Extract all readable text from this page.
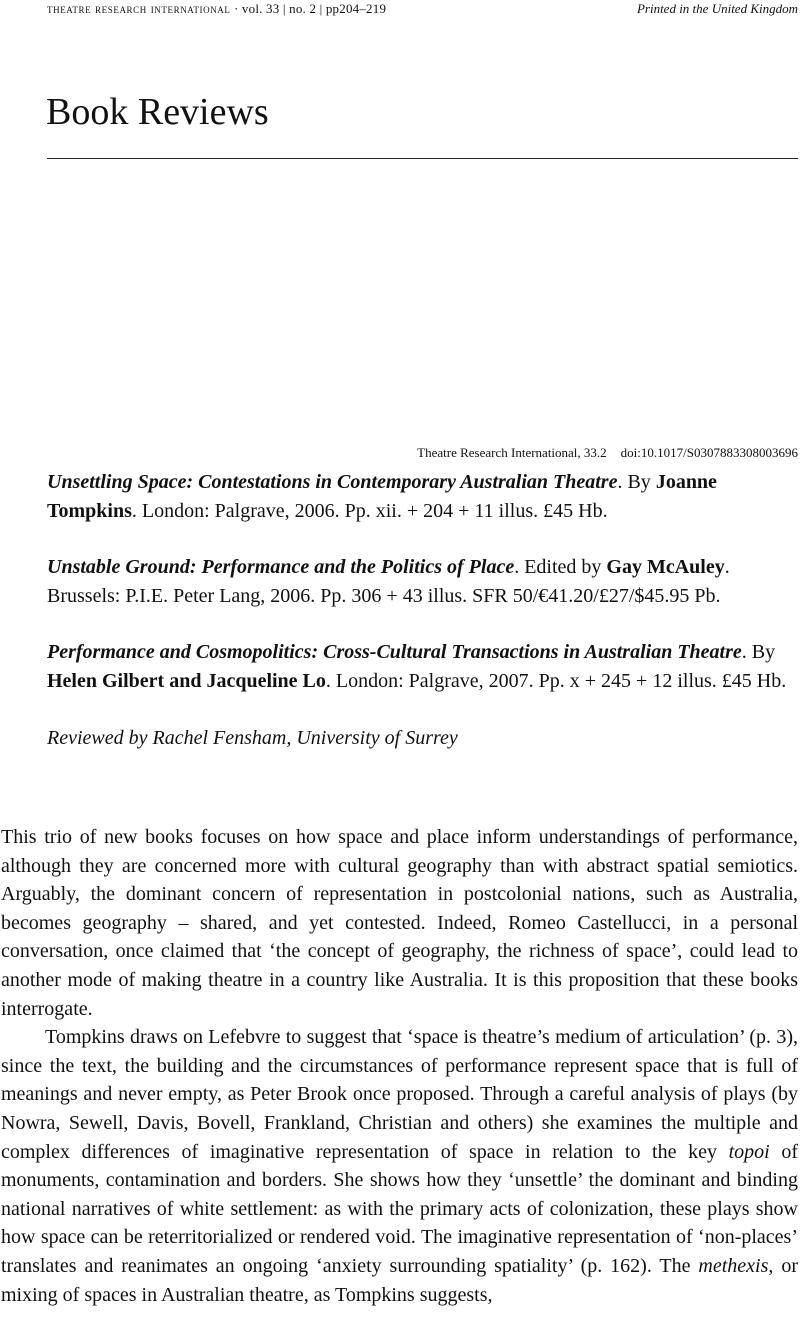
theatre research international · vol. 33 | no. 2 | pp204–219	Printed in the United Kingdom
Book Reviews
Theatre Research International, 33.2 doi:10.1017/S0307883308003696

Unsettling Space: Contestations in Contemporary Australian Theatre. By Joanne Tompkins. London: Palgrave, 2006. Pp. xii. + 204 + 11 illus. £45 Hb.

Unstable Ground: Performance and the Politics of Place. Edited by Gay McAuley. Brussels: P.I.E. Peter Lang, 2006. Pp. 306 + 43 illus. SFR 50/€41.20/£27/$45.95 Pb.

Performance and Cosmopolitics: Cross-Cultural Transactions in Australian Theatre. By Helen Gilbert and Jacqueline Lo. London: Palgrave, 2007. Pp. x + 245 + 12 illus. £45 Hb.

Reviewed by Rachel Fensham, University of Surrey

This trio of new books focuses on how space and place inform understandings of performance, although they are concerned more with cultural geography than with abstract spatial semiotics. Arguably, the dominant concern of representation in postcolonial nations, such as Australia, becomes geography – shared, and yet contested. Indeed, Romeo Castellucci, in a personal conversation, once claimed that ‘the concept of geography, the richness of space’, could lead to another mode of making theatre in a country like Australia. It is this proposition that these books interrogate.

Tompkins draws on Lefebvre to suggest that ‘space is theatre’s medium of articulation’ (p. 3), since the text, the building and the circumstances of performance represent space that is full of meanings and never empty, as Peter Brook once proposed. Through a careful analysis of plays (by Nowra, Sewell, Davis, Bovell, Frankland, Christian and others) she examines the multiple and complex differences of imaginative representation of space in relation to the key topoi of monuments, contamination and borders. She shows how they ‘unsettle’ the dominant and binding national narratives of white settlement: as with the primary acts of colonization, these plays show how space can be reterritorialized or rendered void. The imaginative representation of ‘non-places’ translates and reanimates an ongoing ‘anxiety surrounding spatiality’ (p. 162). The methexis, or mixing of spaces in Australian theatre, as Tompkins suggests,
